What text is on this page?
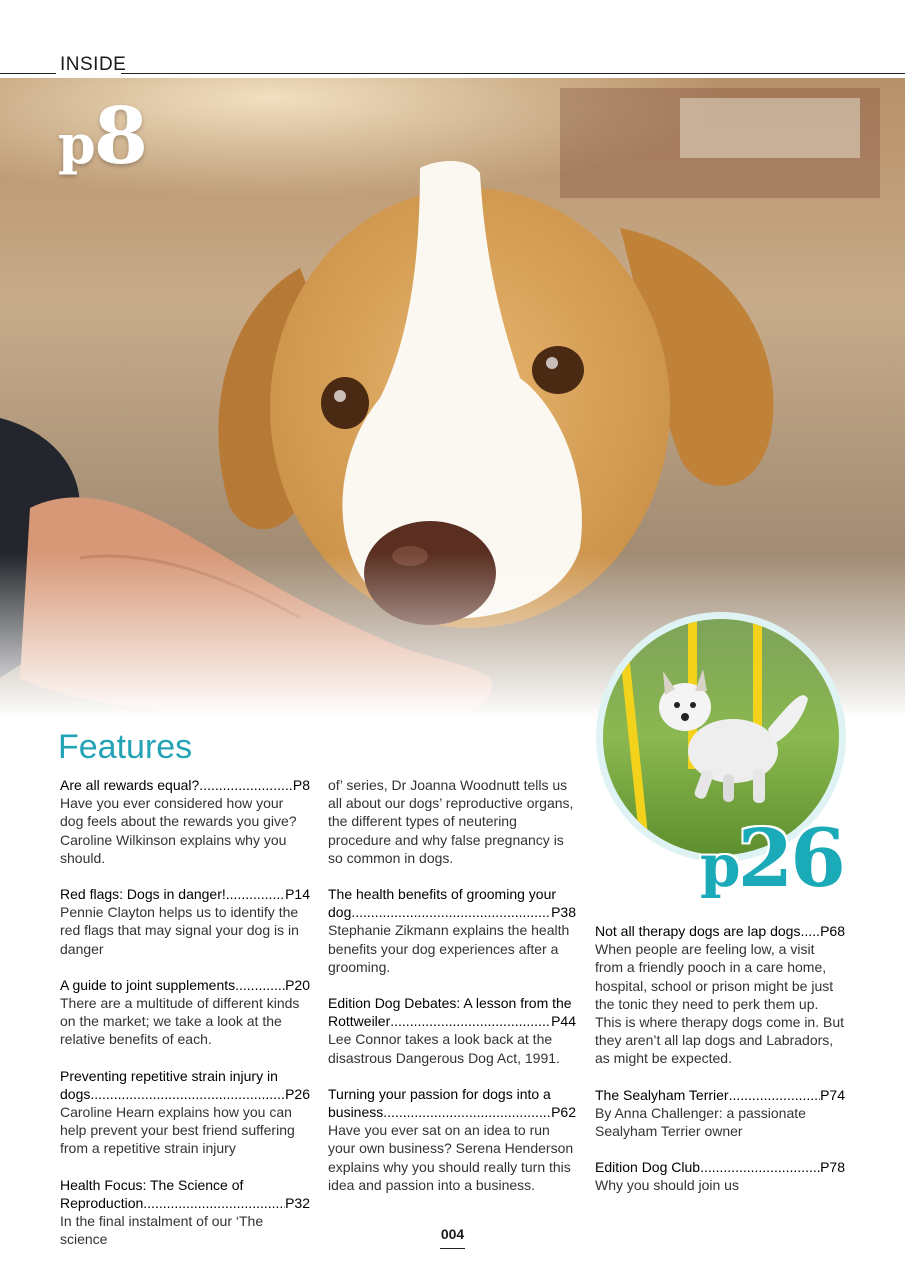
INSIDE
p8
p26
Features
Are all rewards equal? .....	P8
Have you ever considered how your dog feels about the rewards you give? Caroline Wilkinson explains why you should.
Red flags: Dogs in danger! .....	P14
Pennie Clayton helps us to identify the red flags that may signal your dog is in danger
A guide to joint supplements .....	P20
There are a multitude of different kinds on the market; we take a look at the relative benefits of each.
Preventing repetitive strain injury in
dogs .....	P26
Caroline Hearn explains how you can help prevent your best friend suffering from a repetitive strain injury
Health Focus: The Science of
Reproduction .....	P32
In the final instalment of our ‘The science
of’ series, Dr Joanna Woodnutt tells us all about our dogs’ reproductive organs, the different types of neutering procedure and why false pregnancy is so common in dogs.
The health benefits of grooming your
dog .....	P38
Stephanie Zikmann explains the health benefits your dog experiences after a grooming.
Edition Dog Debates: A lesson from the
Rottweiler .....	P44
Lee Connor takes a look back at the disastrous Dangerous Dog Act, 1991.
Turning your passion for dogs into a
business .....	P62
Have you ever sat on an idea to run your own business? Serena Henderson explains why you should really turn this idea and passion into a business.
Not all therapy dogs are lap dogs ..... P68
When people are feeling low, a visit from a friendly pooch in a care home, hospital, school or prison might be just the tonic they need to perk them up. This is where therapy dogs come in. But they aren’t all lap dogs and Labradors, as might be expected.
The Sealyham Terrier .....	P74
By Anna Challenger: a passionate Sealyham Terrier owner
Edition Dog Club .....	P78
Why you should join us
004
